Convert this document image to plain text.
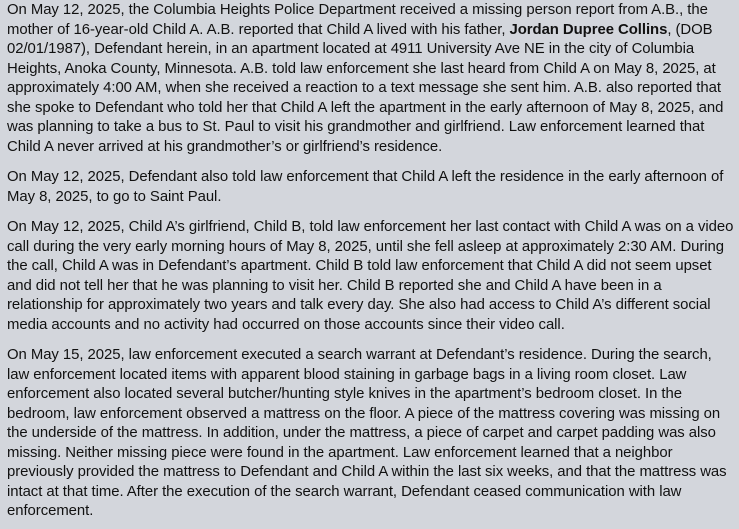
On May 12, 2025, the Columbia Heights Police Department received a missing person report from A.B., the mother of 16-year-old Child A. A.B. reported that Child A lived with his father, Jordan Dupree Collins, (DOB 02/01/1987), Defendant herein, in an apartment located at 4911 University Ave NE in the city of Columbia Heights, Anoka County, Minnesota. A.B. told law enforcement she last heard from Child A on May 8, 2025, at approximately 4:00 AM, when she received a reaction to a text message she sent him. A.B. also reported that she spoke to Defendant who told her that Child A left the apartment in the early afternoon of May 8, 2025, and was planning to take a bus to St. Paul to visit his grandmother and girlfriend. Law enforcement learned that Child A never arrived at his grandmother’s or girlfriend’s residence.

On May 12, 2025, Defendant also told law enforcement that Child A left the residence in the early afternoon of May 8, 2025, to go to Saint Paul.

On May 12, 2025, Child A’s girlfriend, Child B, told law enforcement her last contact with Child A was on a video call during the very early morning hours of May 8, 2025, until she fell asleep at approximately 2:30 AM. During the call, Child A was in Defendant’s apartment. Child B told law enforcement that Child A did not seem upset and did not tell her that he was planning to visit her. Child B reported she and Child A have been in a relationship for approximately two years and talk every day. She also had access to Child A’s different social media accounts and no activity had occurred on those accounts since their video call.

On May 15, 2025, law enforcement executed a search warrant at Defendant’s residence. During the search, law enforcement located items with apparent blood staining in garbage bags in a living room closet. Law enforcement also located several butcher/hunting style knives in the apartment’s bedroom closet. In the bedroom, law enforcement observed a mattress on the floor. A piece of the mattress covering was missing on the underside of the mattress. In addition, under the mattress, a piece of carpet and carpet padding was also missing. Neither missing piece were found in the apartment. Law enforcement learned that a neighbor previously provided the mattress to Defendant and Child A within the last six weeks, and that the mattress was intact at that time. After the execution of the search warrant, Defendant ceased communication with law enforcement.
